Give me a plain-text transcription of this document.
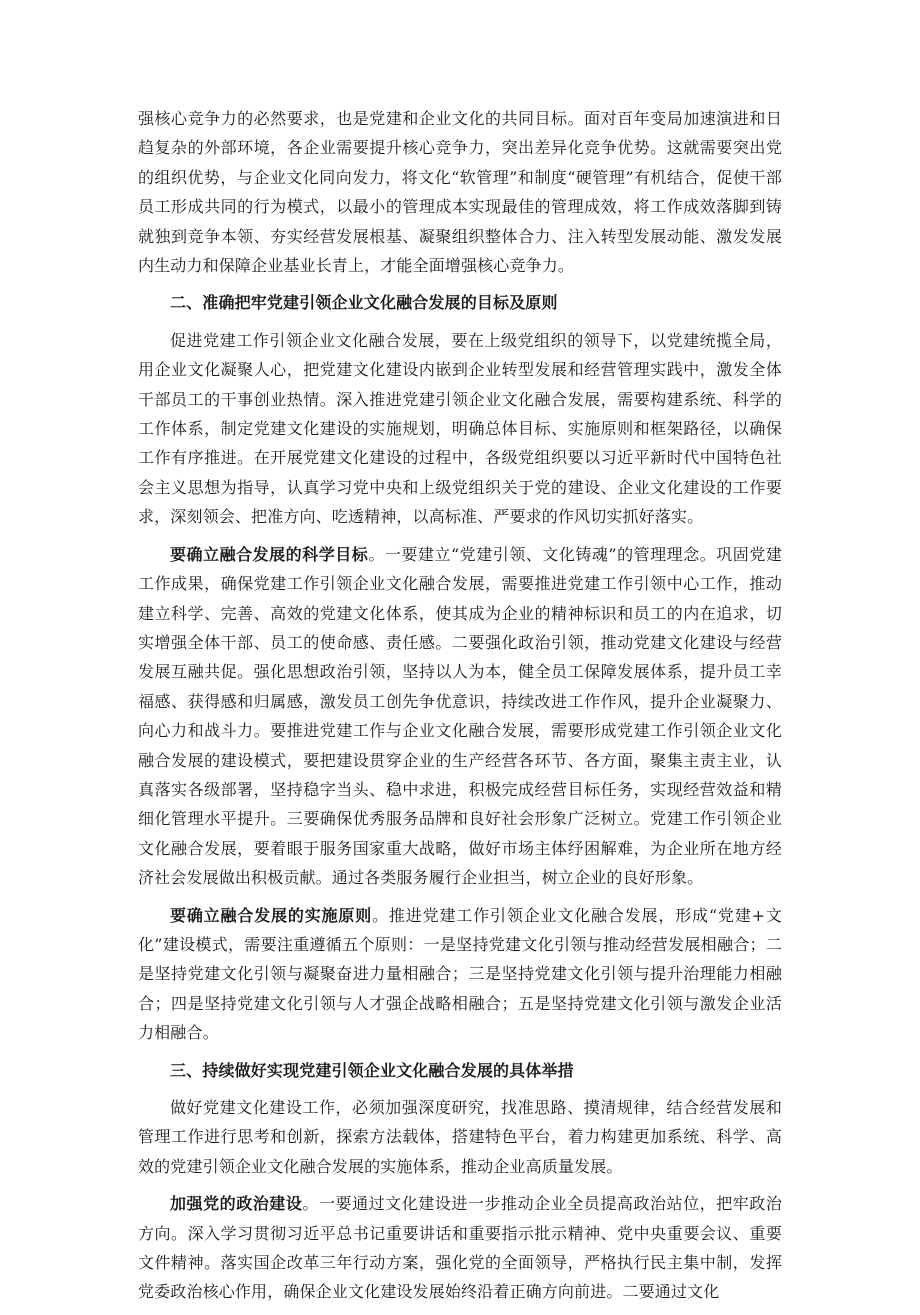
强核心竞争力的必然要求，也是党建和企业文化的共同目标。面对百年变局加速演进和日趋复杂的外部环境，各企业需要提升核心竞争力，突出差异化竞争优势。这就需要突出党的组织优势，与企业文化同向发力，将文化“软管理”和制度“硬管理”有机结合，促使干部员工形成共同的行为模式，以最小的管理成本实现最佳的管理成效，将工作成效落脚到铸就独到竞争本领、夯实经营发展根基、凝聚组织整体合力、注入转型发展动能、激发发展内生动力和保障企业基业长青上，才能全面增强核心竞争力。

二、准确把牢党建引领企业文化融合发展的目标及原则

促进党建工作引领企业文化融合发展，要在上级党组织的领导下，以党建统揽全局，用企业文化凝聚人心，把党建文化建设内嵌到企业转型发展和经营管理实践中，激发全体干部员工的干事创业热情。深入推进党建引领企业文化融合发展，需要构建系统、科学的工作体系，制定党建文化建设的实施规划，明确总体目标、实施原则和框架路径，以确保工作有序推进。在开展党建文化建设的过程中，各级党组织要以习近平新时代中国特色社会主义思想为指导，认真学习党中央和上级党组织关于党的建设、企业文化建设的工作要求，深刻领会、把准方向、吃透精神，以高标准、严要求的作风切实抓好落实。

要确立融合发展的科学目标。一要建立“党建引领、文化铸魂”的管理理念。巩固党建工作成果，确保党建工作引领企业文化融合发展，需要推进党建工作引领中心工作，推动建立科学、完善、高效的党建文化体系，使其成为企业的精神标识和员工的内在追求，切实增强全体干部、员工的使命感、责任感。二要强化政治引领，推动党建文化建设与经营发展互融共促。强化思想政治引领，坚持以人为本，健全员工保障发展体系，提升员工幸福感、获得感和归属感，激发员工创先争优意识，持续改进工作作风，提升企业凝聚力、向心力和战斗力。要推进党建工作与企业文化融合发展，需要形成党建工作引领企业文化融合发展的建设模式，要把建设贯穿企业的生产经营各环节、各方面，聚集主责主业，认真落实各级部署，坚持稳字当头、稳中求进，积极完成经营目标任务，实现经营效益和精细化管理水平提升。三要确保优秀服务品牌和良好社会形象广泛树立。党建工作引领企业文化融合发展，要着眼于服务国家重大战略，做好市场主体纾困解难，为企业所在地方经济社会发展做出积极贡献。通过各类服务履行企业担当，树立企业的良好形象。

要确立融合发展的实施原则。推进党建工作引领企业文化融合发展，形成“党建+文化”建设模式，需要注重遵循五个原则：一是坚持党建文化引领与推动经营发展相融合；二是坚持党建文化引领与凝聚奋进力量相融合；三是坚持党建文化引领与提升治理能力相融合；四是坚持党建文化引领与人才强企战略相融合；五是坚持党建文化引领与激发企业活力相融合。

三、持续做好实现党建引领企业文化融合发展的具体举措

做好党建文化建设工作，必须加强深度研究，找准思路、摸清规律，结合经营发展和管理工作进行思考和创新，探索方法载体，搭建特色平台，着力构建更加系统、科学、高效的党建引领企业文化融合发展的实施体系，推动企业高质量发展。

加强党的政治建设。一要通过文化建设进一步推动企业全员提高政治站位，把牢政治方向。深入学习贯彻习近平总书记重要讲话和重要指示批示精神、党中央重要会议、重要文件精神。落实国企改革三年行动方案，强化党的全面领导，严格执行民主集中制，发挥党委政治核心作用，确保企业文化建设发展始终沿着正确方向前进。二要通过文化
